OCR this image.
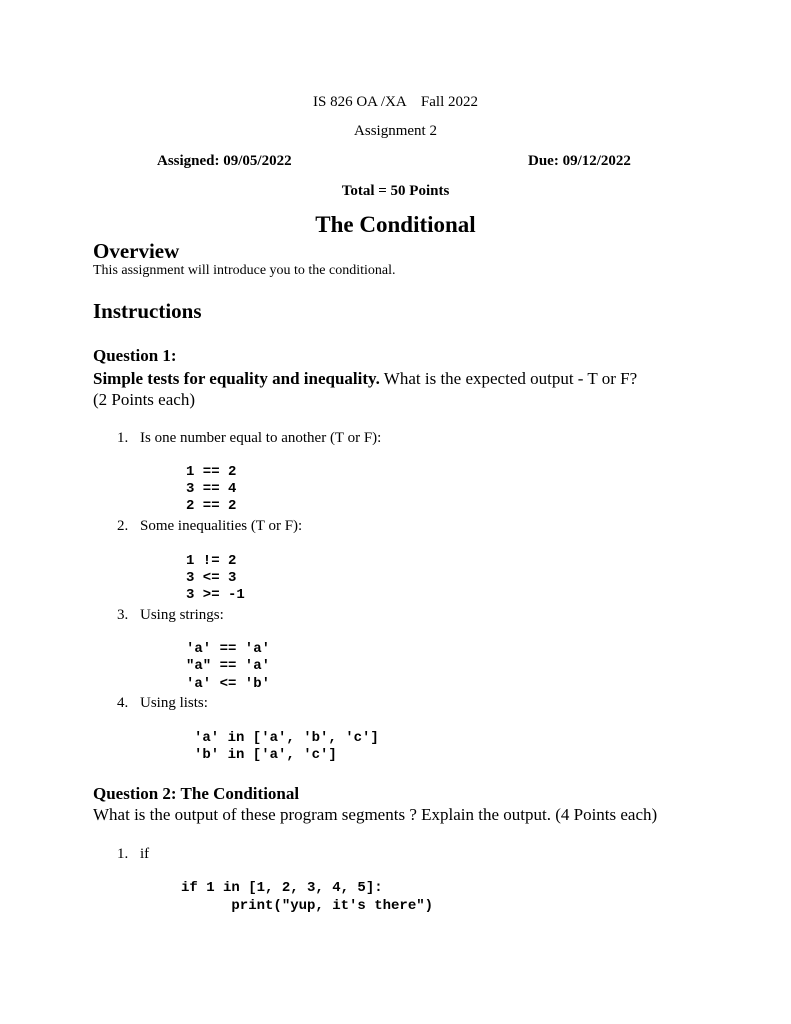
IS 826 OA /XA    Fall 2022
Assignment 2
Assigned: 09/05/2022	Due: 09/12/2022
Total = 50 Points
The Conditional
Overview
This assignment will introduce you to the conditional.
Instructions
Question 1:
Simple tests for equality and inequality. What is the expected output - T or F?
(2 Points each)
1. Is one number equal to another (T or F):
1 == 2
3 == 4
2 == 2
2. Some inequalities (T or F):
1 != 2
3 <= 3
3 >= -1
3. Using strings:
'a' == 'a'
"a" == 'a'
'a' <= 'b'
4. Using lists:
'a' in ['a', 'b', 'c']
'b' in ['a', 'c']
Question 2: The Conditional
What is the output of these program segments ? Explain the output. (4 Points each)
1. if
if 1 in [1, 2, 3, 4, 5]:
print("yup, it's there")
